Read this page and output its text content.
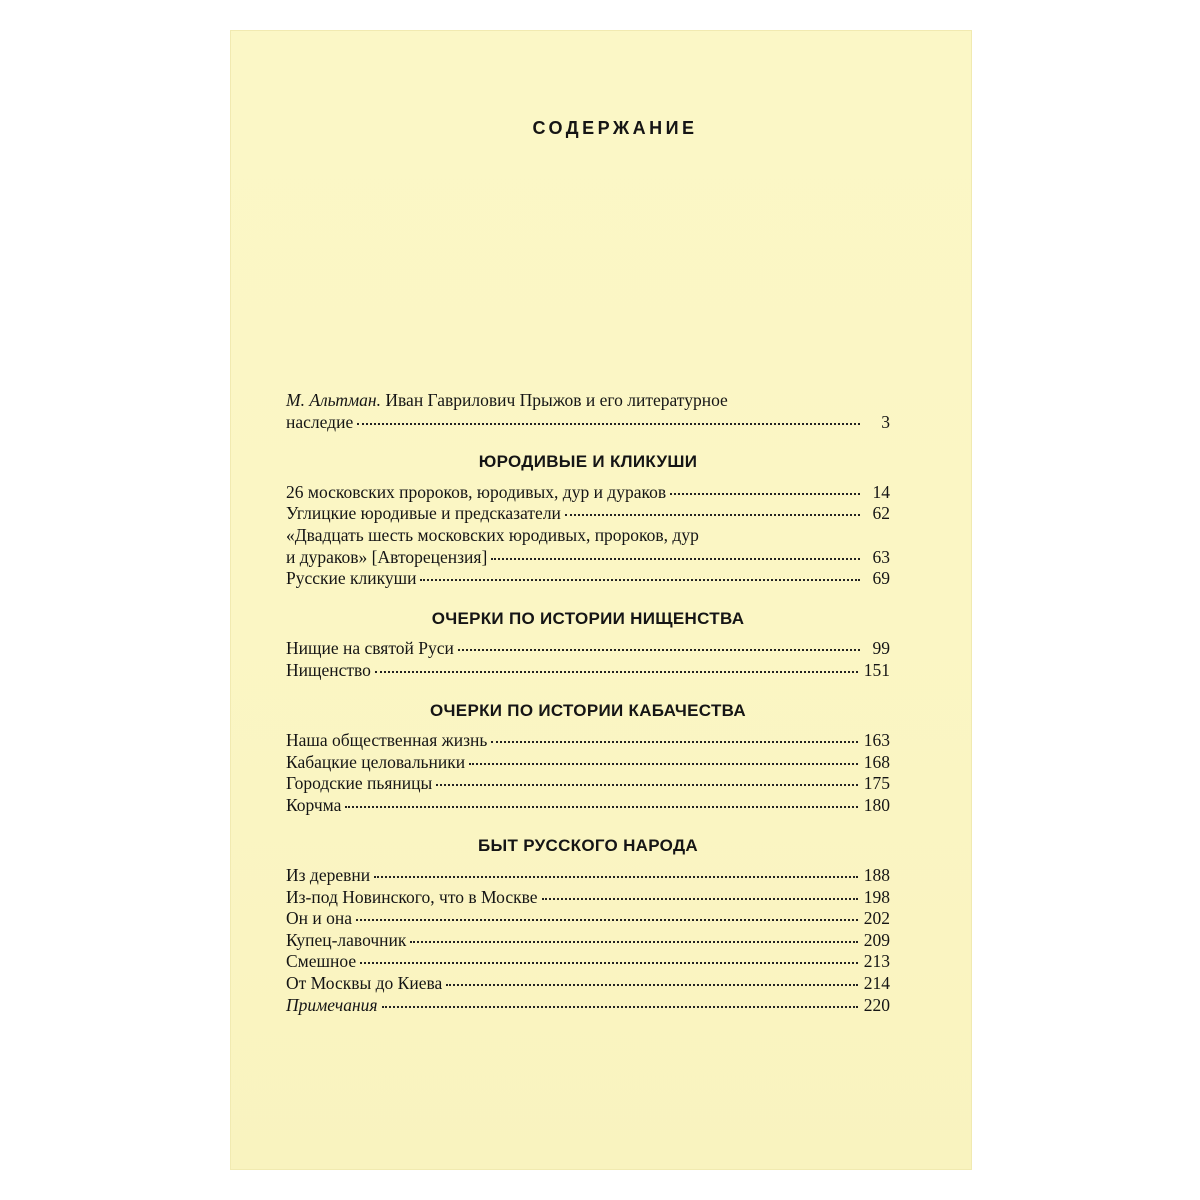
СОДЕРЖАНИЕ
М. Альтман. Иван Гаврилович Прыжов и его литературное
наследие	3
ЮРОДИВЫЕ И КЛИКУШИ
26 московских пророков, юродивых, дур и дураков	14
Углицкие юродивые и предсказатели	62
«Двадцать шесть московских юродивых, пророков, дур
и дураков» [Авторецензия]	63
Русские кликуши	69
ОЧЕРКИ ПО ИСТОРИИ НИЩЕНСТВА
Нищие на святой Руси	99
Нищенство	151
ОЧЕРКИ ПО ИСТОРИИ КАБАЧЕСТВА
Наша общественная жизнь	163
Кабацкие целовальники	168
Городские пьяницы	175
Корчма	180
БЫТ РУССКОГО НАРОДА
Из деревни	188
Из-под Новинского, что в Москве	198
Он и она	202
Купец-лавочник	209
Смешное	213
От Москвы до Киева	214
Примечания	220
